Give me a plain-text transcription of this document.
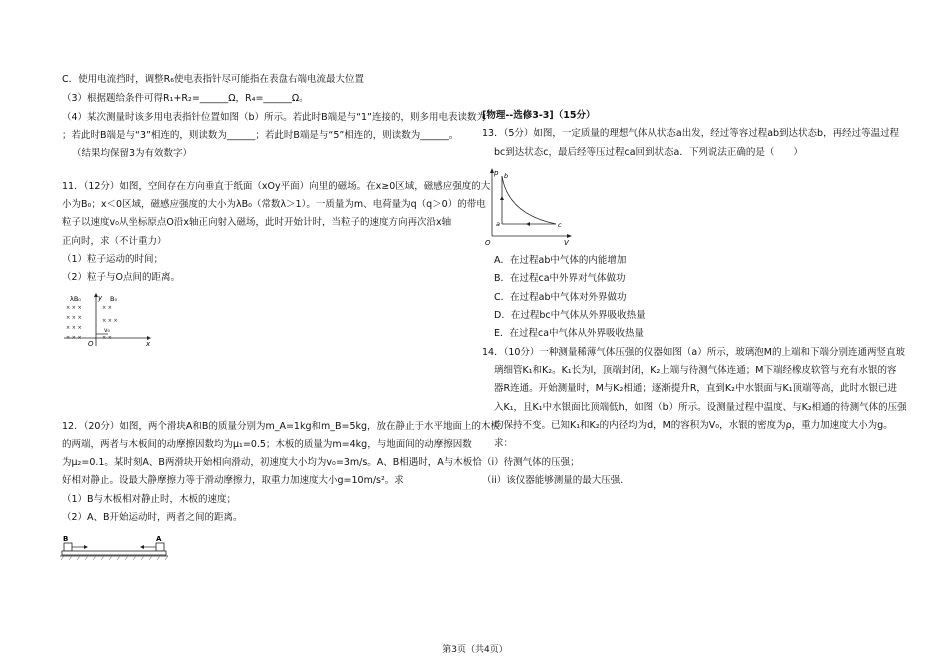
C．使用电流挡时，调整R₆使电表指针尽可能指在表盘右端电流最大位置
（3）根据题给条件可得R₁+R₂=______Ω，R₄=______Ω。
（4）某次测量时该多用电表指针位置如图（b）所示。若此时B端是与“1”连接的，则多用电表读数为
；若此时B端是与“3”相连的，则读数为______；若此时B端是与“5”相连的，则读数为______。
（结果均保留3为有效数字）
11．（12分）如图，空间存在方向垂直于纸面（xOy平面）向里的磁场。在x≥0区域，磁感应强度的大
小为B₀；x＜0区域，磁感应强度的大小为λB₀（常数λ＞1）。一质量为m、电荷量为q（q＞0）的带电
粒子以速度v₀从坐标原点O沿x轴正向射入磁场，此时开始计时，当粒子的速度方向再次沿x轴
正向时，求（不计重力）
（1）粒子运动的时间；
（2）粒子与O点间的距离。
y
x
O
λB₀	B₀
v₀
× × ×
× × ×
× × ×
× × ×
× ×
× × ×
× ×
12．（20分）如图，两个滑块A和B的质量分别为m_A=1kg和m_B=5kg，放在静止于水平地面上的木板
的两端，两者与木板间的动摩擦因数均为μ₁=0.5；木板的质量为m=4kg，与地面间的动摩擦因数
为μ₂=0.1。某时刻A、B两滑块开始相向滑动，初速度大小均为v₀=3m/s。A、B相遇时，A与木板恰
好相对静止。设最大静摩擦力等于滑动摩擦力，取重力加速度大小g=10m/s²。求
（1）B与木板相对静止时，木板的速度；
（2）A、B开始运动时，两者之间的距离。
B	A
[物理--选修3-3]（15分）
13．（5分）如图，一定质量的理想气体从状态a出发，经过等容过程ab到达状态b，再经过等温过程
bc到达状态c，最后经等压过程ca回到状态a．下列说法正确的是（　　）
O
p
V
a
b
c
A．在过程ab中气体的内能增加
B．在过程ca中外界对气体做功
C．在过程ab中气体对外界做功
D．在过程bc中气体从外界吸收热量
E．在过程ca中气体从外界吸收热量
14．（10分）一种测量稀薄气体压强的仪器如图（a）所示，玻璃泡M的上端和下端分别连通两竖直玻
璃细管K₁和K₂。K₁长为l，顶端封闭，K₂上端与待测气体连通；M下端经橡皮软管与充有水银的容
器R连通。开始测量时，M与K₂相通；逐渐提升R，直到K₂中水银面与K₁顶端等高，此时水银已进
入K₁，且K₁中水银面比顶端低h，如图（b）所示。设测量过程中温度、与K₂相通的待测气体的压强
均保持不变。已知K₁和K₂的内径均为d，M的容积为V₀，水银的密度为ρ，重力加速度大小为g。
求：
（i）待测气体的压强；
（ii）该仪器能够测量的最大压强.
第3页（共4页）
